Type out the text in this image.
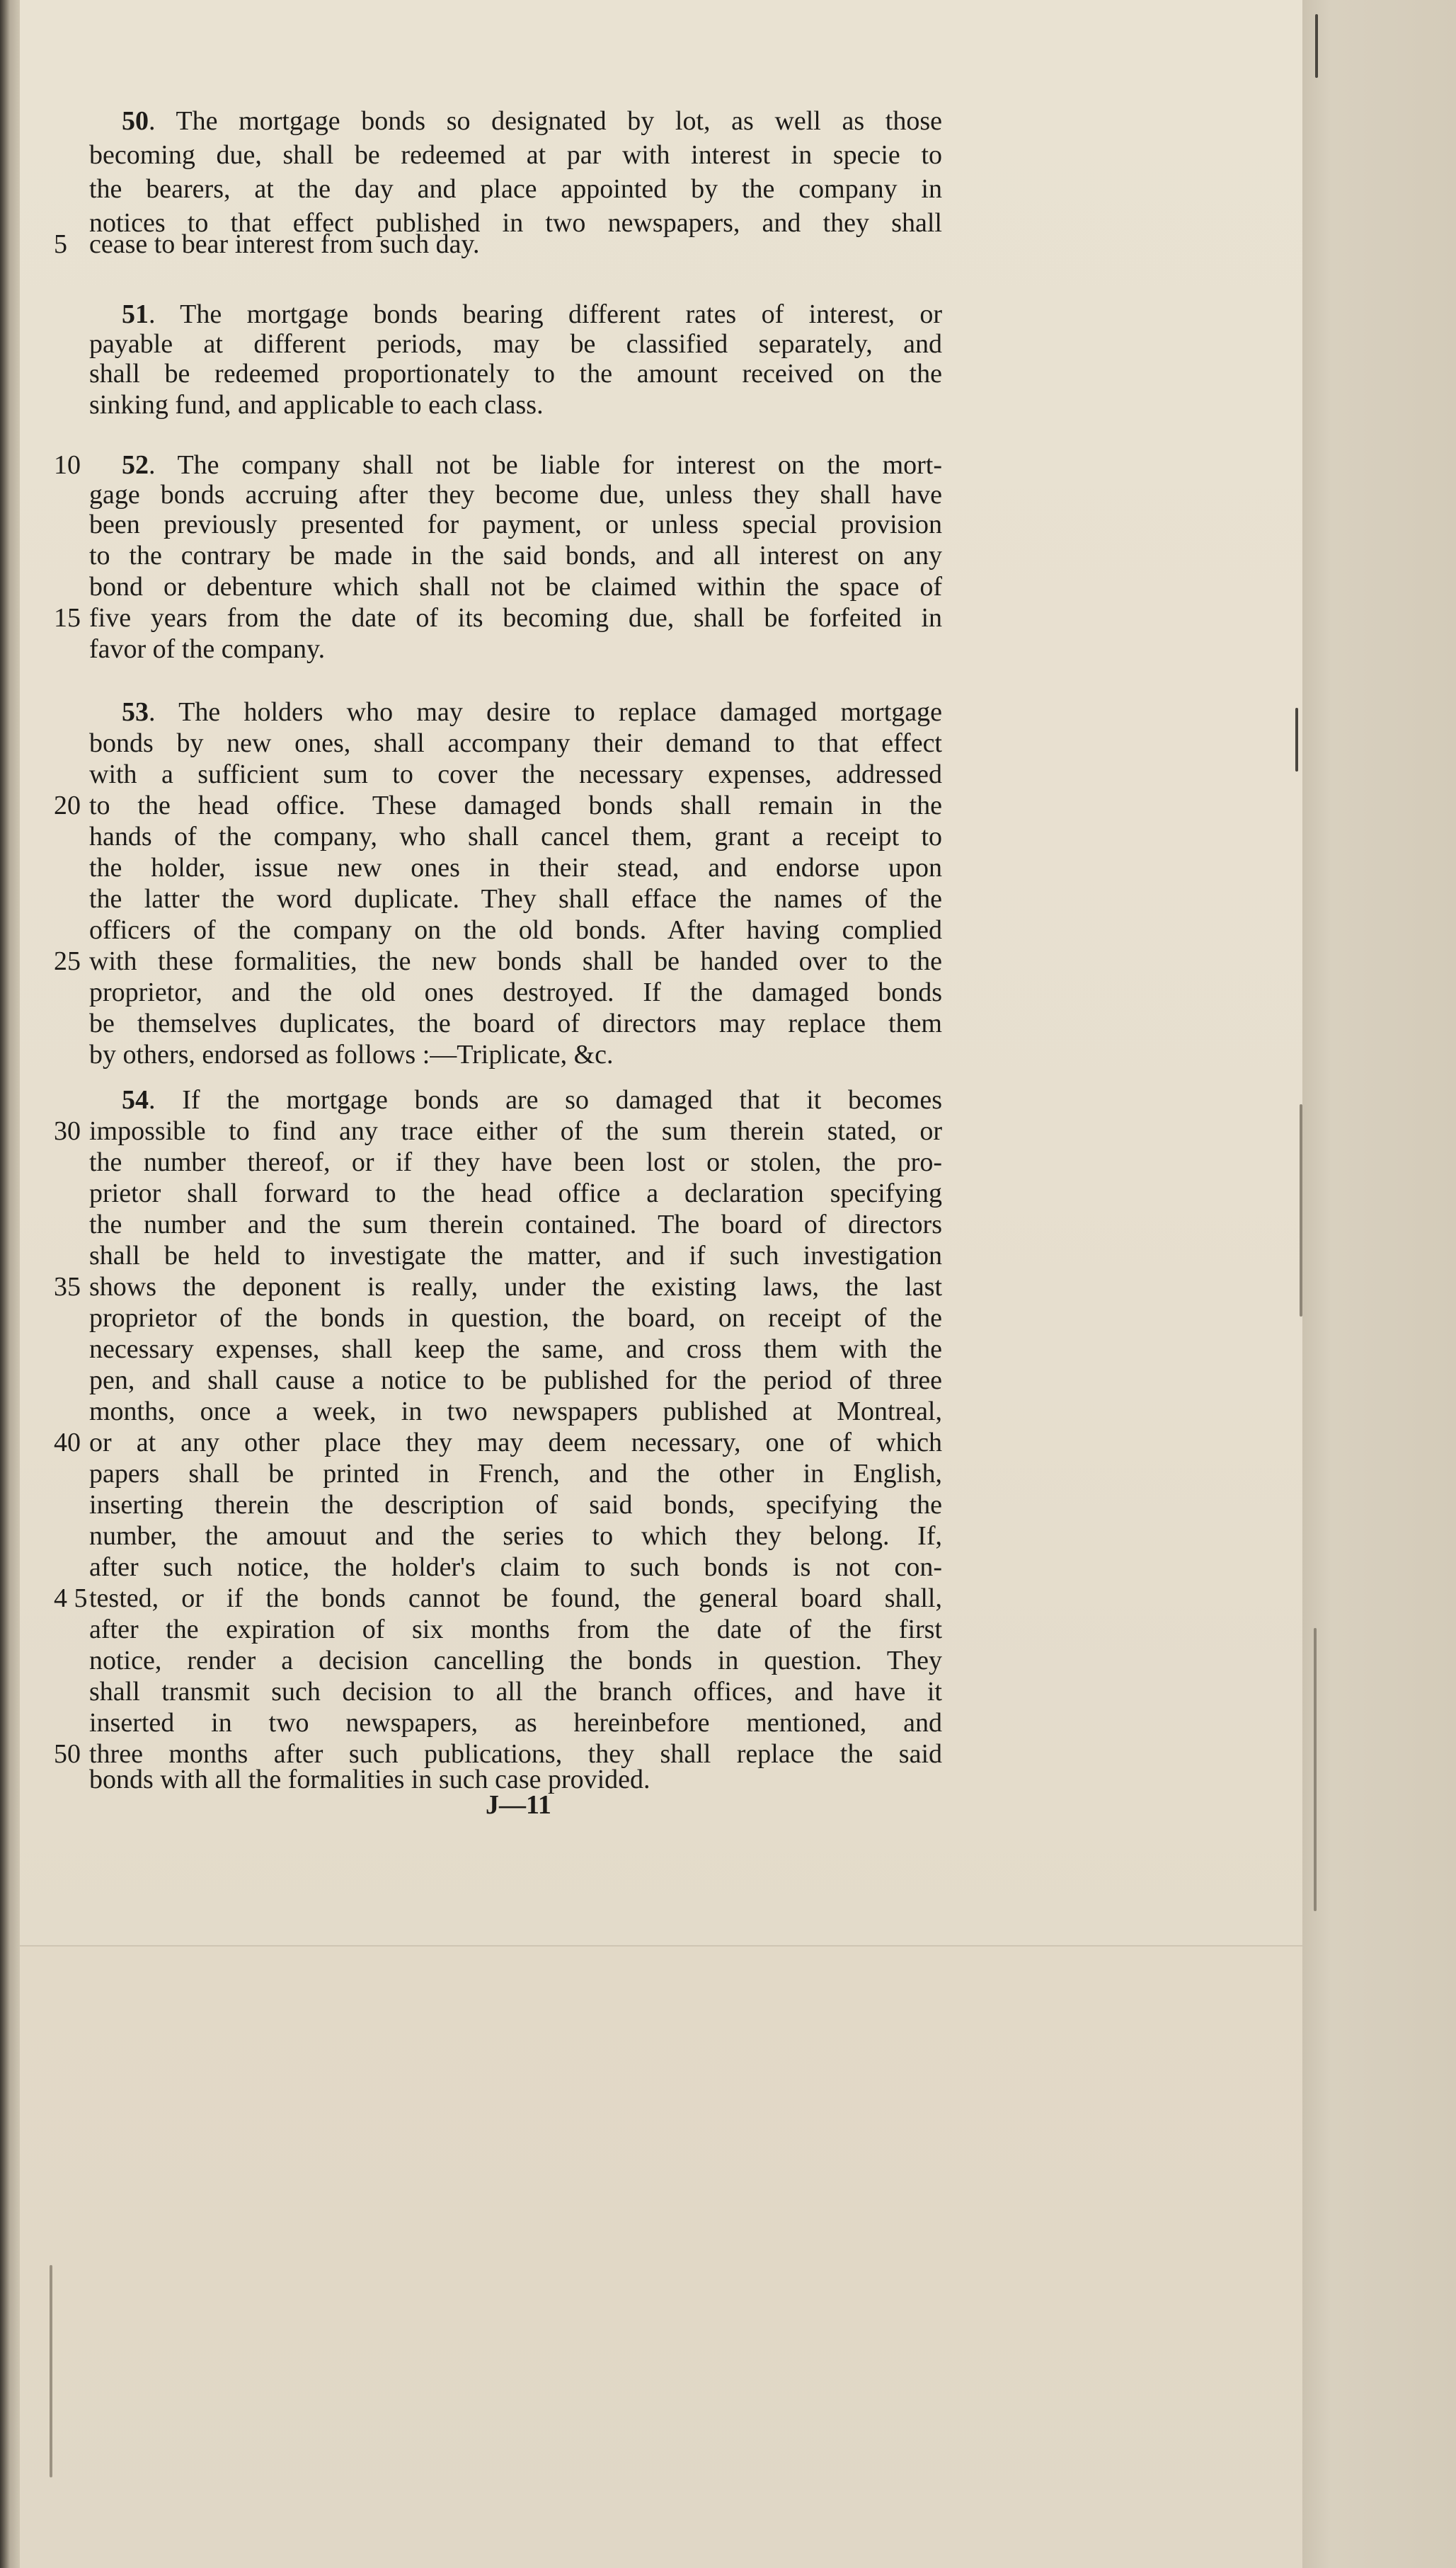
50. The mortgage bonds so designated by lot, as well as those
becoming due, shall be redeemed at par with interest in specie to
the bearers, at the day and place appointed by the company in
notices to that effect published in two newspapers, and they shall
cease to bear interest from such day.
51. The mortgage bonds bearing different rates of interest, or
payable at different periods, may be classified separately, and
shall be redeemed proportionately to the amount received on the
sinking fund, and applicable to each class.
52. The company shall not be liable for interest on the mort-
gage bonds accruing after they become due, unless they shall have
been previously presented for payment, or unless special provision
to the contrary be made in the said bonds, and all interest on any
bond or debenture which shall not be claimed within the space of
five years from the date of its becoming due, shall be forfeited in
favor of the company.
53. The holders who may desire to replace damaged mortgage
bonds by new ones, shall accompany their demand to that effect
with a sufficient sum to cover the necessary expenses, addressed
to the head office. These damaged bonds shall remain in the
hands of the company, who shall cancel them, grant a receipt to
the holder, issue new ones in their stead, and endorse upon
the latter the word duplicate. They shall efface the names of the
officers of the company on the old bonds. After having complied
with these formalities, the new bonds shall be handed over to the
proprietor, and the old ones destroyed. If the damaged bonds
be themselves duplicates, the board of directors may replace them
by others, endorsed as follows :—Triplicate, &c.
54. If the mortgage bonds are so damaged that it becomes
impossible to find any trace either of the sum therein stated, or
the number thereof, or if they have been lost or stolen, the pro-
prietor shall forward to the head office a declaration specifying
the number and the sum therein contained. The board of directors
shall be held to investigate the matter, and if such investigation
shows the deponent is really, under the existing laws, the last
proprietor of the bonds in question, the board, on receipt of the
necessary expenses, shall keep the same, and cross them with the
pen, and shall cause a notice to be published for the period of three
months, once a week, in two newspapers published at Montreal,
or at any other place they may deem necessary, one of which
papers shall be printed in French, and the other in English,
inserting therein the description of said bonds, specifying the
number, the amouut and the series to which they belong. If,
after such notice, the holder's claim to such bonds is not con-
tested, or if the bonds cannot be found, the general board shall,
after the expiration of six months from the date of the first
notice, render a decision cancelling the bonds in question. They
shall transmit such decision to all the branch offices, and have it
inserted in two newspapers, as hereinbefore mentioned, and
three months after such publications, they shall replace the said
bonds with all the formalities in such case provided.
5
10
15
20
25
30
35
40
4 5
50
J—11
